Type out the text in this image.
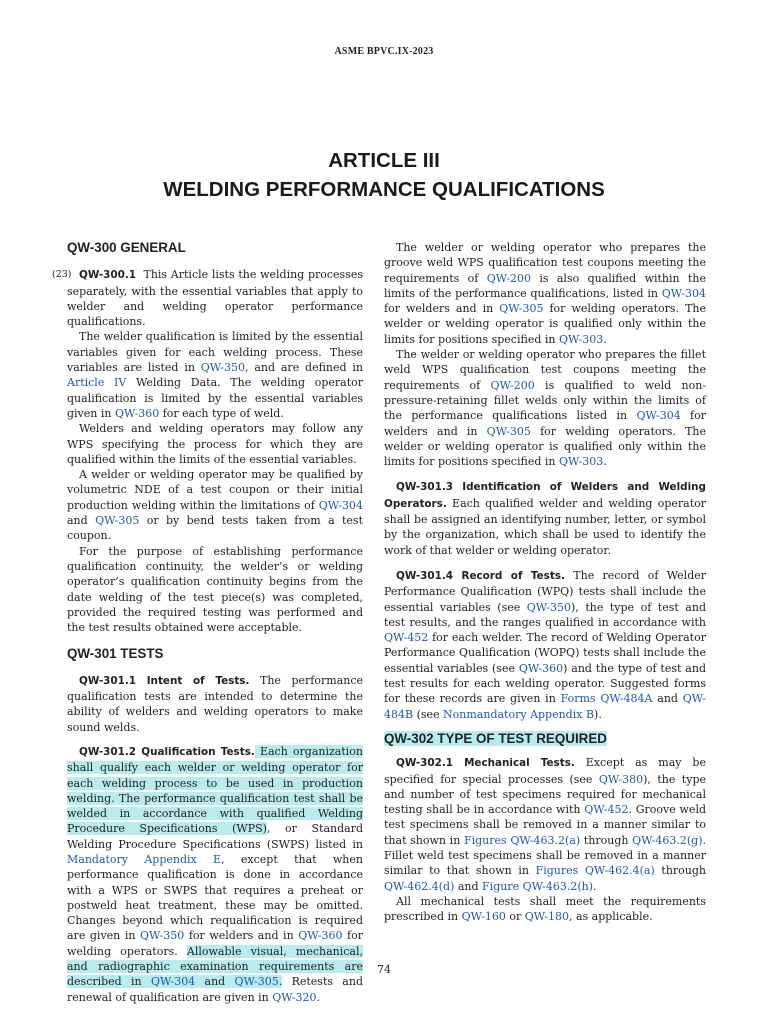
ASME BPVC.IX-2023
ARTICLE III
WELDING PERFORMANCE QUALIFICATIONS
QW-300 GENERAL

(23) QW-300.1 This Article lists the welding processes separately, with the essential variables that apply to welder and welding operator performance qualifications.

The welder qualification is limited by the essential variables given for each welding process. These variables are listed in QW-350, and are defined in Article IV Welding Data. The welding operator qualification is limited by the essential variables given in QW-360 for each type of weld.

Welders and welding operators may follow any WPS specifying the process for which they are qualified within the limits of the essential variables.

A welder or welding operator may be qualified by volumetric NDE of a test coupon or their initial production welding within the limitations of QW-304 and QW-305 or by bend tests taken from a test coupon.

For the purpose of establishing performance qualification continuity, the welder’s or welding operator’s qualification continuity begins from the date welding of the test piece(s) was completed, provided the required testing was performed and the test results obtained were acceptable.

QW-301 TESTS

QW-301.1 Intent of Tests. The performance qualification tests are intended to determine the ability of welders and welding operators to make sound welds.

QW-301.2 Qualification Tests. Each organization shall qualify each welder or welding operator for each welding process to be used in production welding. The performance qualification test shall be welded in accordance with qualified Welding Procedure Specifications (WPS), or Standard Welding Procedure Specifications (SWPS) listed in Mandatory Appendix E, except that when performance qualification is done in accordance with a WPS or SWPS that requires a preheat or postweld heat treatment, these may be omitted. Changes beyond which requalification is required are given in QW-350 for welders and in QW-360 for welding operators. Allowable visual, mechanical, and radiographic examination requirements are described in QW-304 and QW-305. Retests and renewal of qualification are given in QW-320.

The welder or welding operator who prepares the groove weld WPS qualification test coupons meeting the requirements of QW-200 is also qualified within the limits of the performance qualifications, listed in QW-304 for welders and in QW-305 for welding operators. The welder or welding operator is qualified only within the limits for positions specified in QW-303.

The welder or welding operator who prepares the fillet weld WPS qualification test coupons meeting the requirements of QW-200 is qualified to weld non-pressure-retaining fillet welds only within the limits of the performance qualifications listed in QW-304 for welders and in QW-305 for welding operators. The welder or welding operator is qualified only within the limits for positions specified in QW-303.

QW-301.3 Identification of Welders and Welding Operators. Each qualified welder and welding operator shall be assigned an identifying number, letter, or symbol by the organization, which shall be used to identify the work of that welder or welding operator.

QW-301.4 Record of Tests. The record of Welder Performance Qualification (WPQ) tests shall include the essential variables (see QW-350), the type of test and test results, and the ranges qualified in accordance with QW-452 for each welder. The record of Welding Operator Performance Qualification (WOPQ) tests shall include the essential variables (see QW-360) and the type of test and test results for each welding operator. Suggested forms for these records are given in Forms QW-484A and QW-484B (see Nonmandatory Appendix B).

QW-302 TYPE OF TEST REQUIRED

QW-302.1 Mechanical Tests. Except as may be specified for special processes (see QW-380), the type and number of test specimens required for mechanical testing shall be in accordance with QW-452. Groove weld test specimens shall be removed in a manner similar to that shown in Figures QW-463.2(a) through QW-463.2(g). Fillet weld test specimens shall be removed in a manner similar to that shown in Figures QW-462.4(a) through QW-462.4(d) and Figure QW-463.2(h).

All mechanical tests shall meet the requirements prescribed in QW-160 or QW-180, as applicable.

74
